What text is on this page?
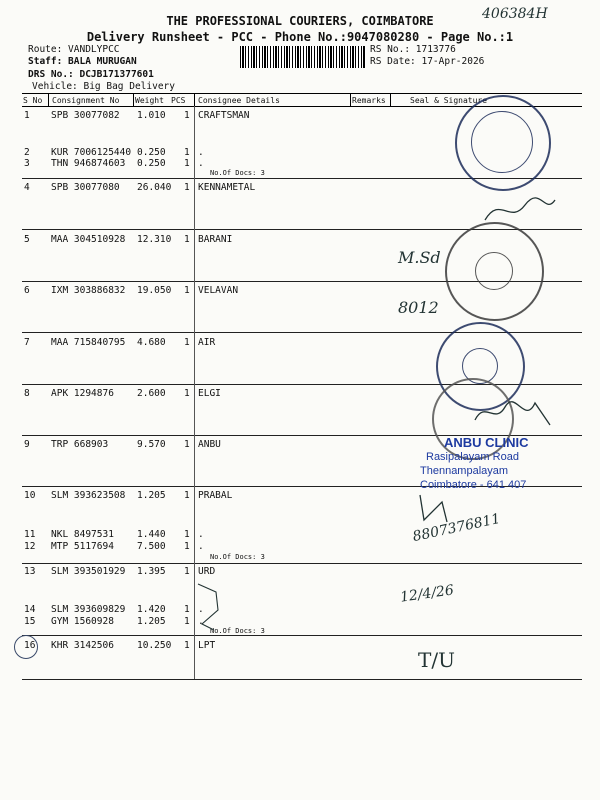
406384H
THE PROFESSIONAL COURIERS, COIMBATORE
Delivery Runsheet - PCC - Phone No.:9047080280 - Page No.:1
Route: VANDLYPCC
Staff: BALA MURUGAN
DRS No.: DCJB171377601
Vehicle: Big Bag Delivery
RS No.: 1713776
RS Date: 17-Apr-2026
S No Consignment No Weight PCS Consignee Details	Remarks	Seal & Signature
1 SPB 30077082 1.010 1 CRAFTSMAN
2 KUR 7006125440 0.250 1 .
3 THN 946874603 0.250 1 .
No.Of Docs: 3
4 SPB 30077080 26.040 1 KENNAMETAL
5 MAA 304510928 12.310 1 BARANI
6 IXM 303886832 19.050 1 VELAVAN
7 MAA 715840795 4.680 1 AIR
8 APK 1294876 2.600 1 ELGI
9 TRP 668903	9.570 1 ANBU
10 SLM 393623508 1.205 1 PRABAL
11 NKL 8497531 1.440 1 .
12 MTP 5117694 7.500 1 .
No.Of Docs: 3
13 SLM 393501929 1.395 1 URD
14 SLM 393609829 1.420 1 .
15 GYM 1560928 1.205 1 .
No.Of Docs: 3
16 KHR 3142506 10.250 1 LPT
ANBU CLINIC
Rasipalayam Road
Thennampalayam
Coimbatore - 641 407
M.Sd
8012
8807376811
12/4/26
T/U
